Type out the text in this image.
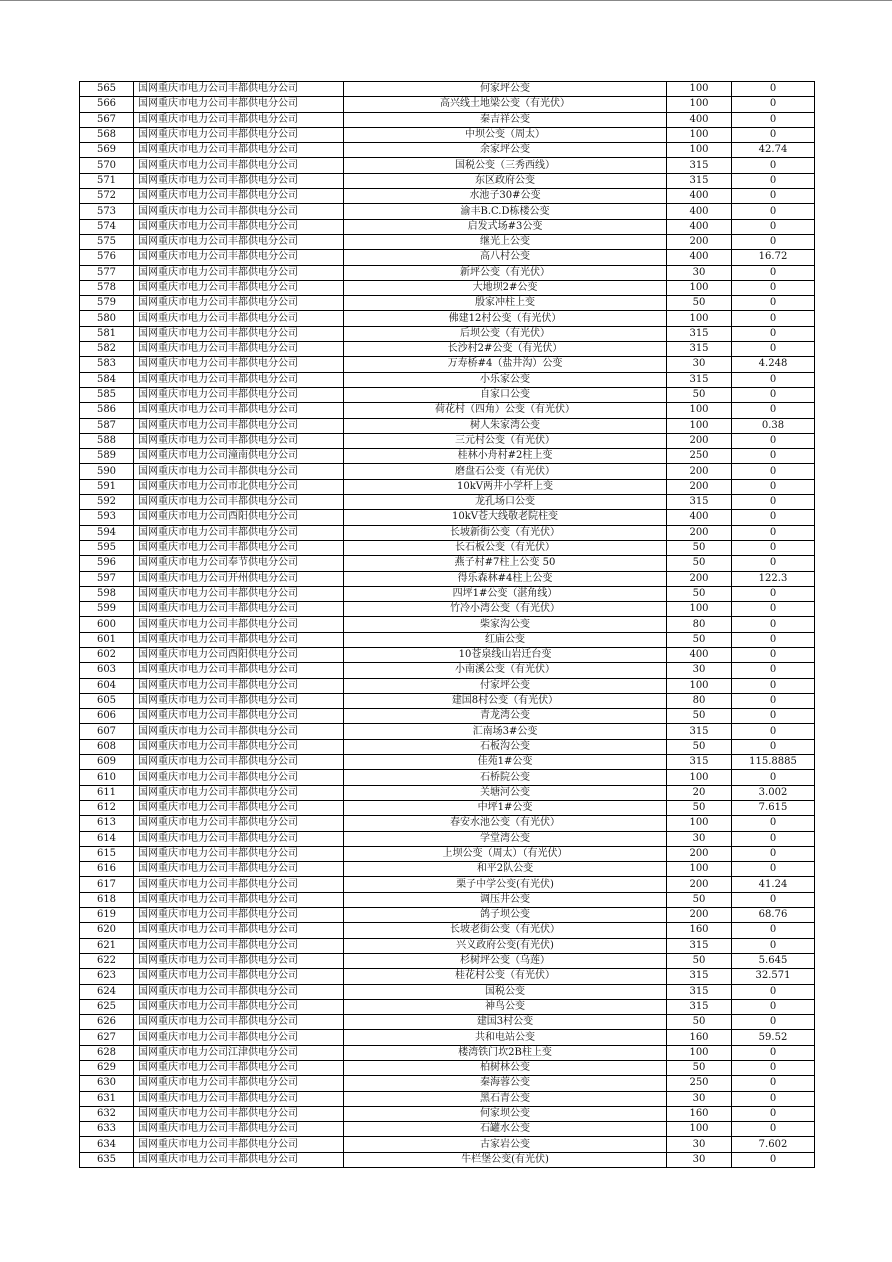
565	国网重庆市电力公司丰都供电分公司	何家坪公变	100	0
566	国网重庆市电力公司丰都供电分公司	高兴线土地梁公变（有光伏）	100	0
567	国网重庆市电力公司丰都供电分公司	秦吉祥公变	400	0
568	国网重庆市电力公司丰都供电分公司	中坝公变（周太）	100	0
569	国网重庆市电力公司丰都供电分公司	余家坪公变	100	42.74
570	国网重庆市电力公司丰都供电分公司	国税公变（三秀西线）	315	0
571	国网重庆市电力公司丰都供电分公司	东区政府公变	315	0
572	国网重庆市电力公司丰都供电分公司	水池子30#公变	400	0
573	国网重庆市电力公司丰都供电分公司	渝丰B.C.D栋楼公变	400	0
574	国网重庆市电力公司丰都供电分公司	启发式场#3公变	400	0
575	国网重庆市电力公司丰都供电分公司	继光上公变	200	0
576	国网重庆市电力公司丰都供电分公司	高八村公变	400	16.72
577	国网重庆市电力公司丰都供电分公司	新坪公变（有光伏）	30	0
578	国网重庆市电力公司丰都供电分公司	大地坝2#公变	100	0
579	国网重庆市电力公司丰都供电分公司	殷家冲柱上变	50	0
580	国网重庆市电力公司丰都供电分公司	佛建12村公变（有光伏）	100	0
581	国网重庆市电力公司丰都供电分公司	后坝公变（有光伏）	315	0
582	国网重庆市电力公司丰都供电分公司	长沙村2#公变（有光伏）	315	0
583	国网重庆市电力公司丰都供电分公司	万寿桥#4（盐井沟）公变	30	4.248
584	国网重庆市电力公司丰都供电分公司	小乐家公变	315	0
585	国网重庆市电力公司丰都供电分公司	自家口公变	50	0
586	国网重庆市电力公司丰都供电分公司	荷花村（四角）公变（有光伏）	100	0
587	国网重庆市电力公司丰都供电分公司	树人朱家湾公变	100	0.38
588	国网重庆市电力公司丰都供电分公司	三元村公变（有光伏）	200	0
589	国网重庆市电力公司潼南供电分公司	桂林小舟村#2柱上变	250	0
590	国网重庆市电力公司丰都供电分公司	磨盘石公变（有光伏）	200	0
591	国网重庆市电力公司市北供电分公司	10kV两井小学杆上变	200	0
592	国网重庆市电力公司丰都供电分公司	龙孔场口公变	315	0
593	国网重庆市电力公司酉阳供电分公司	10kV苍大线敬老院柱变	400	0
594	国网重庆市电力公司丰都供电分公司	长坡新街公变（有光伏）	200	0
595	国网重庆市电力公司丰都供电分公司	长石板公变（有光伏）	50	0
596	国网重庆市电力公司奉节供电分公司	燕子村#7柱上公变 50	50	0
597	国网重庆市电力公司开州供电分公司	得乐森林#4柱上公变	200	122.3
598	国网重庆市电力公司丰都供电分公司	四坪1#公变（湛角线）	50	0
599	国网重庆市电力公司丰都供电分公司	竹冷小湾公变（有光伏）	100	0
600	国网重庆市电力公司丰都供电分公司	柴家沟公变	80	0
601	国网重庆市电力公司丰都供电分公司	红庙公变	50	0
602	国网重庆市电力公司酉阳供电分公司	10苍泉线山岩迁台变	400	0
603	国网重庆市电力公司丰都供电分公司	小南溪公变（有光伏）	30	0
604	国网重庆市电力公司丰都供电分公司	付家坪公变	100	0
605	国网重庆市电力公司丰都供电分公司	建国8村公变（有光伏）	80	0
606	国网重庆市电力公司丰都供电分公司	青龙湾公变	50	0
607	国网重庆市电力公司丰都供电分公司	汇南场3#公变	315	0
608	国网重庆市电力公司丰都供电分公司	石板沟公变	50	0
609	国网重庆市电力公司丰都供电分公司	佳苑1#公变	315	115.8885
610	国网重庆市电力公司丰都供电分公司	石桥院公变	100	0
611	国网重庆市电力公司丰都供电分公司	关塘河公变	20	3.002
612	国网重庆市电力公司丰都供电分公司	中坪1#公变	50	7.615
613	国网重庆市电力公司丰都供电分公司	春安水池公变（有光伏）	100	0
614	国网重庆市电力公司丰都供电分公司	学堂湾公变	30	0
615	国网重庆市电力公司丰都供电分公司	上坝公变（周太）（有光伏）	200	0
616	国网重庆市电力公司丰都供电分公司	和平2队公变	100	0
617	国网重庆市电力公司丰都供电分公司	栗子中学公变(有光伏)	200	41.24
618	国网重庆市电力公司丰都供电分公司	调压井公变	50	0
619	国网重庆市电力公司丰都供电分公司	鸽子坝公变	200	68.76
620	国网重庆市电力公司丰都供电分公司	长坡老街公变（有光伏）	160	0
621	国网重庆市电力公司丰都供电分公司	兴义政府公变(有光伏)	315	0
622	国网重庆市电力公司丰都供电分公司	杉树坪公变（乌莲）	50	5.645
623	国网重庆市电力公司丰都供电分公司	桂花村公变（有光伏）	315	32.571
624	国网重庆市电力公司丰都供电分公司	国税公变	315	0
625	国网重庆市电力公司丰都供电分公司	神鸟公变	315	0
626	国网重庆市电力公司丰都供电分公司	建国3村公变	50	0
627	国网重庆市电力公司丰都供电分公司	共和电站公变	160	59.52
628	国网重庆市电力公司江津供电分公司	楼湾铁门坎2B柱上变	100	0
629	国网重庆市电力公司丰都供电分公司	柏树林公变	50	0
630	国网重庆市电力公司丰都供电分公司	秦海蓉公变	250	0
631	国网重庆市电力公司丰都供电分公司	黑石青公变	30	0
632	国网重庆市电力公司丰都供电分公司	何家坝公变	160	0
633	国网重庆市电力公司丰都供电分公司	石罐水公变	100	0
634	国网重庆市电力公司丰都供电分公司	古家岩公变	30	7.602
635	国网重庆市电力公司丰都供电分公司	牛栏堡公变(有光伏)	30	0
